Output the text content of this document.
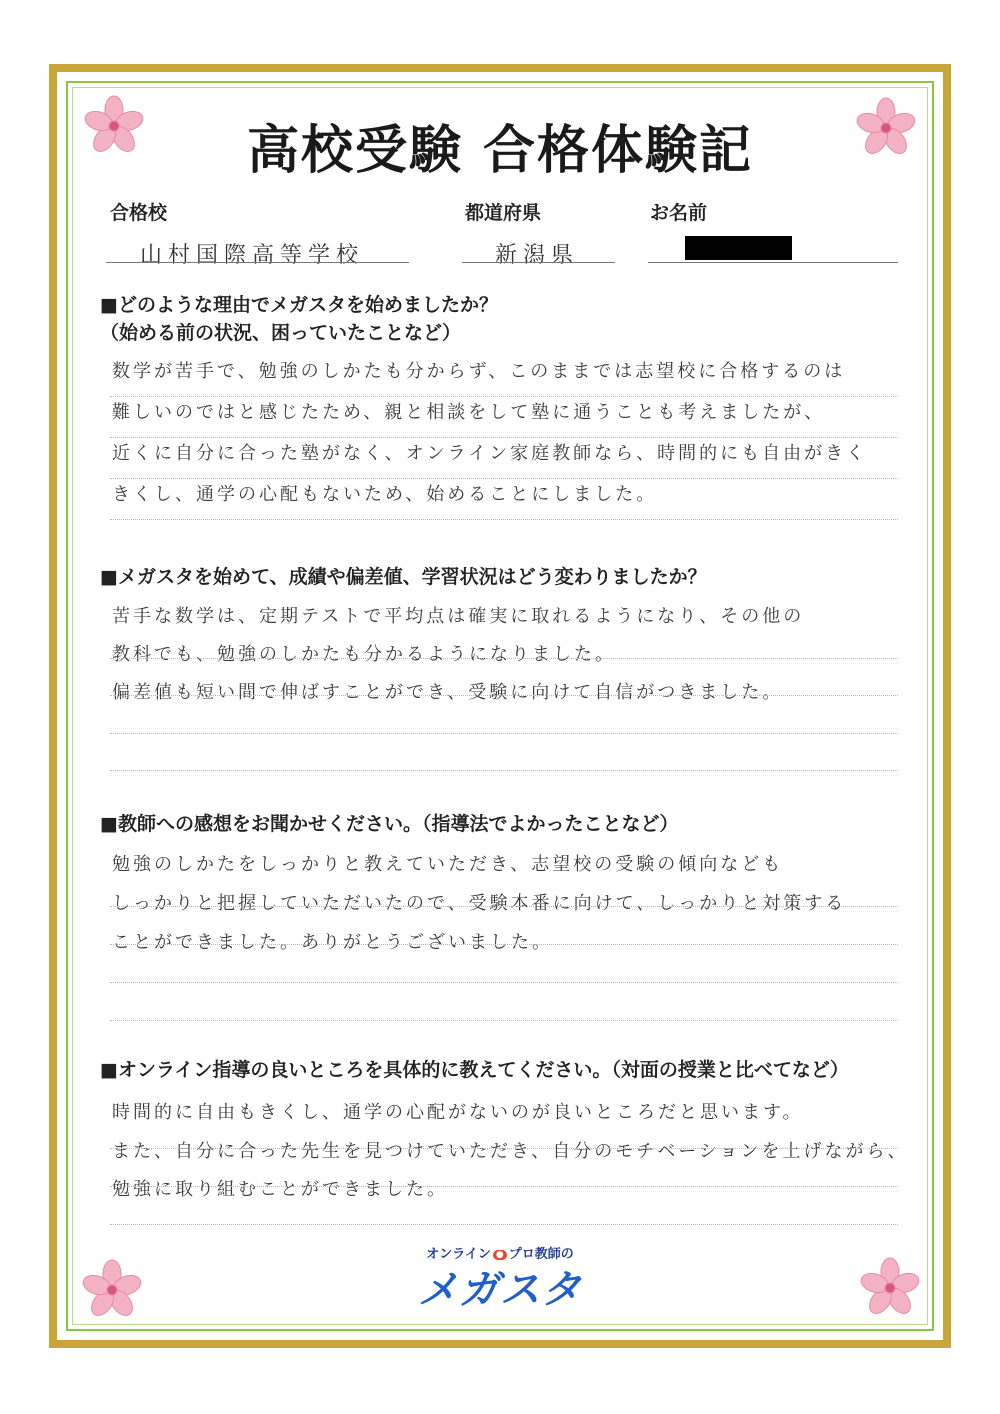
高校受験 合格体験記
合格校	都道府県	お名前
山村国際高等学校	新潟県
■どのような理由でメガスタを始めましたか？
（始める前の状況、困っていたことなど）
数学が苦手で、勉強のしかたも分からず、このままでは志望校に合格するのは
難しいのではと感じたため、親と相談をして塾に通うことも考えましたが、
近くに自分に合った塾がなく、オンライン家庭教師なら、時間的にも自由がきく
きくし、通学の心配もないため、始めることにしました。
■メガスタを始めて、成績や偏差値、学習状況はどう変わりましたか？
苦手な数学は、定期テストで平均点は確実に取れるようになり、その他の
教科でも、勉強のしかたも分かるようになりました。
偏差値も短い間で伸ばすことができ、受験に向けて自信がつきました。
■教師への感想をお聞かせください。（指導法でよかったことなど）
勉強のしかたをしっかりと教えていただき、志望校の受験の傾向なども
しっかりと把握していただいたので、受験本番に向けて、しっかりと対策する
ことができました。ありがとうございました。
■オンライン指導の良いところを具体的に教えてください。（対面の授業と比べてなど）
時間的に自由もきくし、通学の心配がないのが良いところだと思います。
また、自分に合った先生を見つけていただき、自分のモチベーションを上げながら、
勉強に取り組むことができました。
オンライン ● プロ教師の
メガスタ
